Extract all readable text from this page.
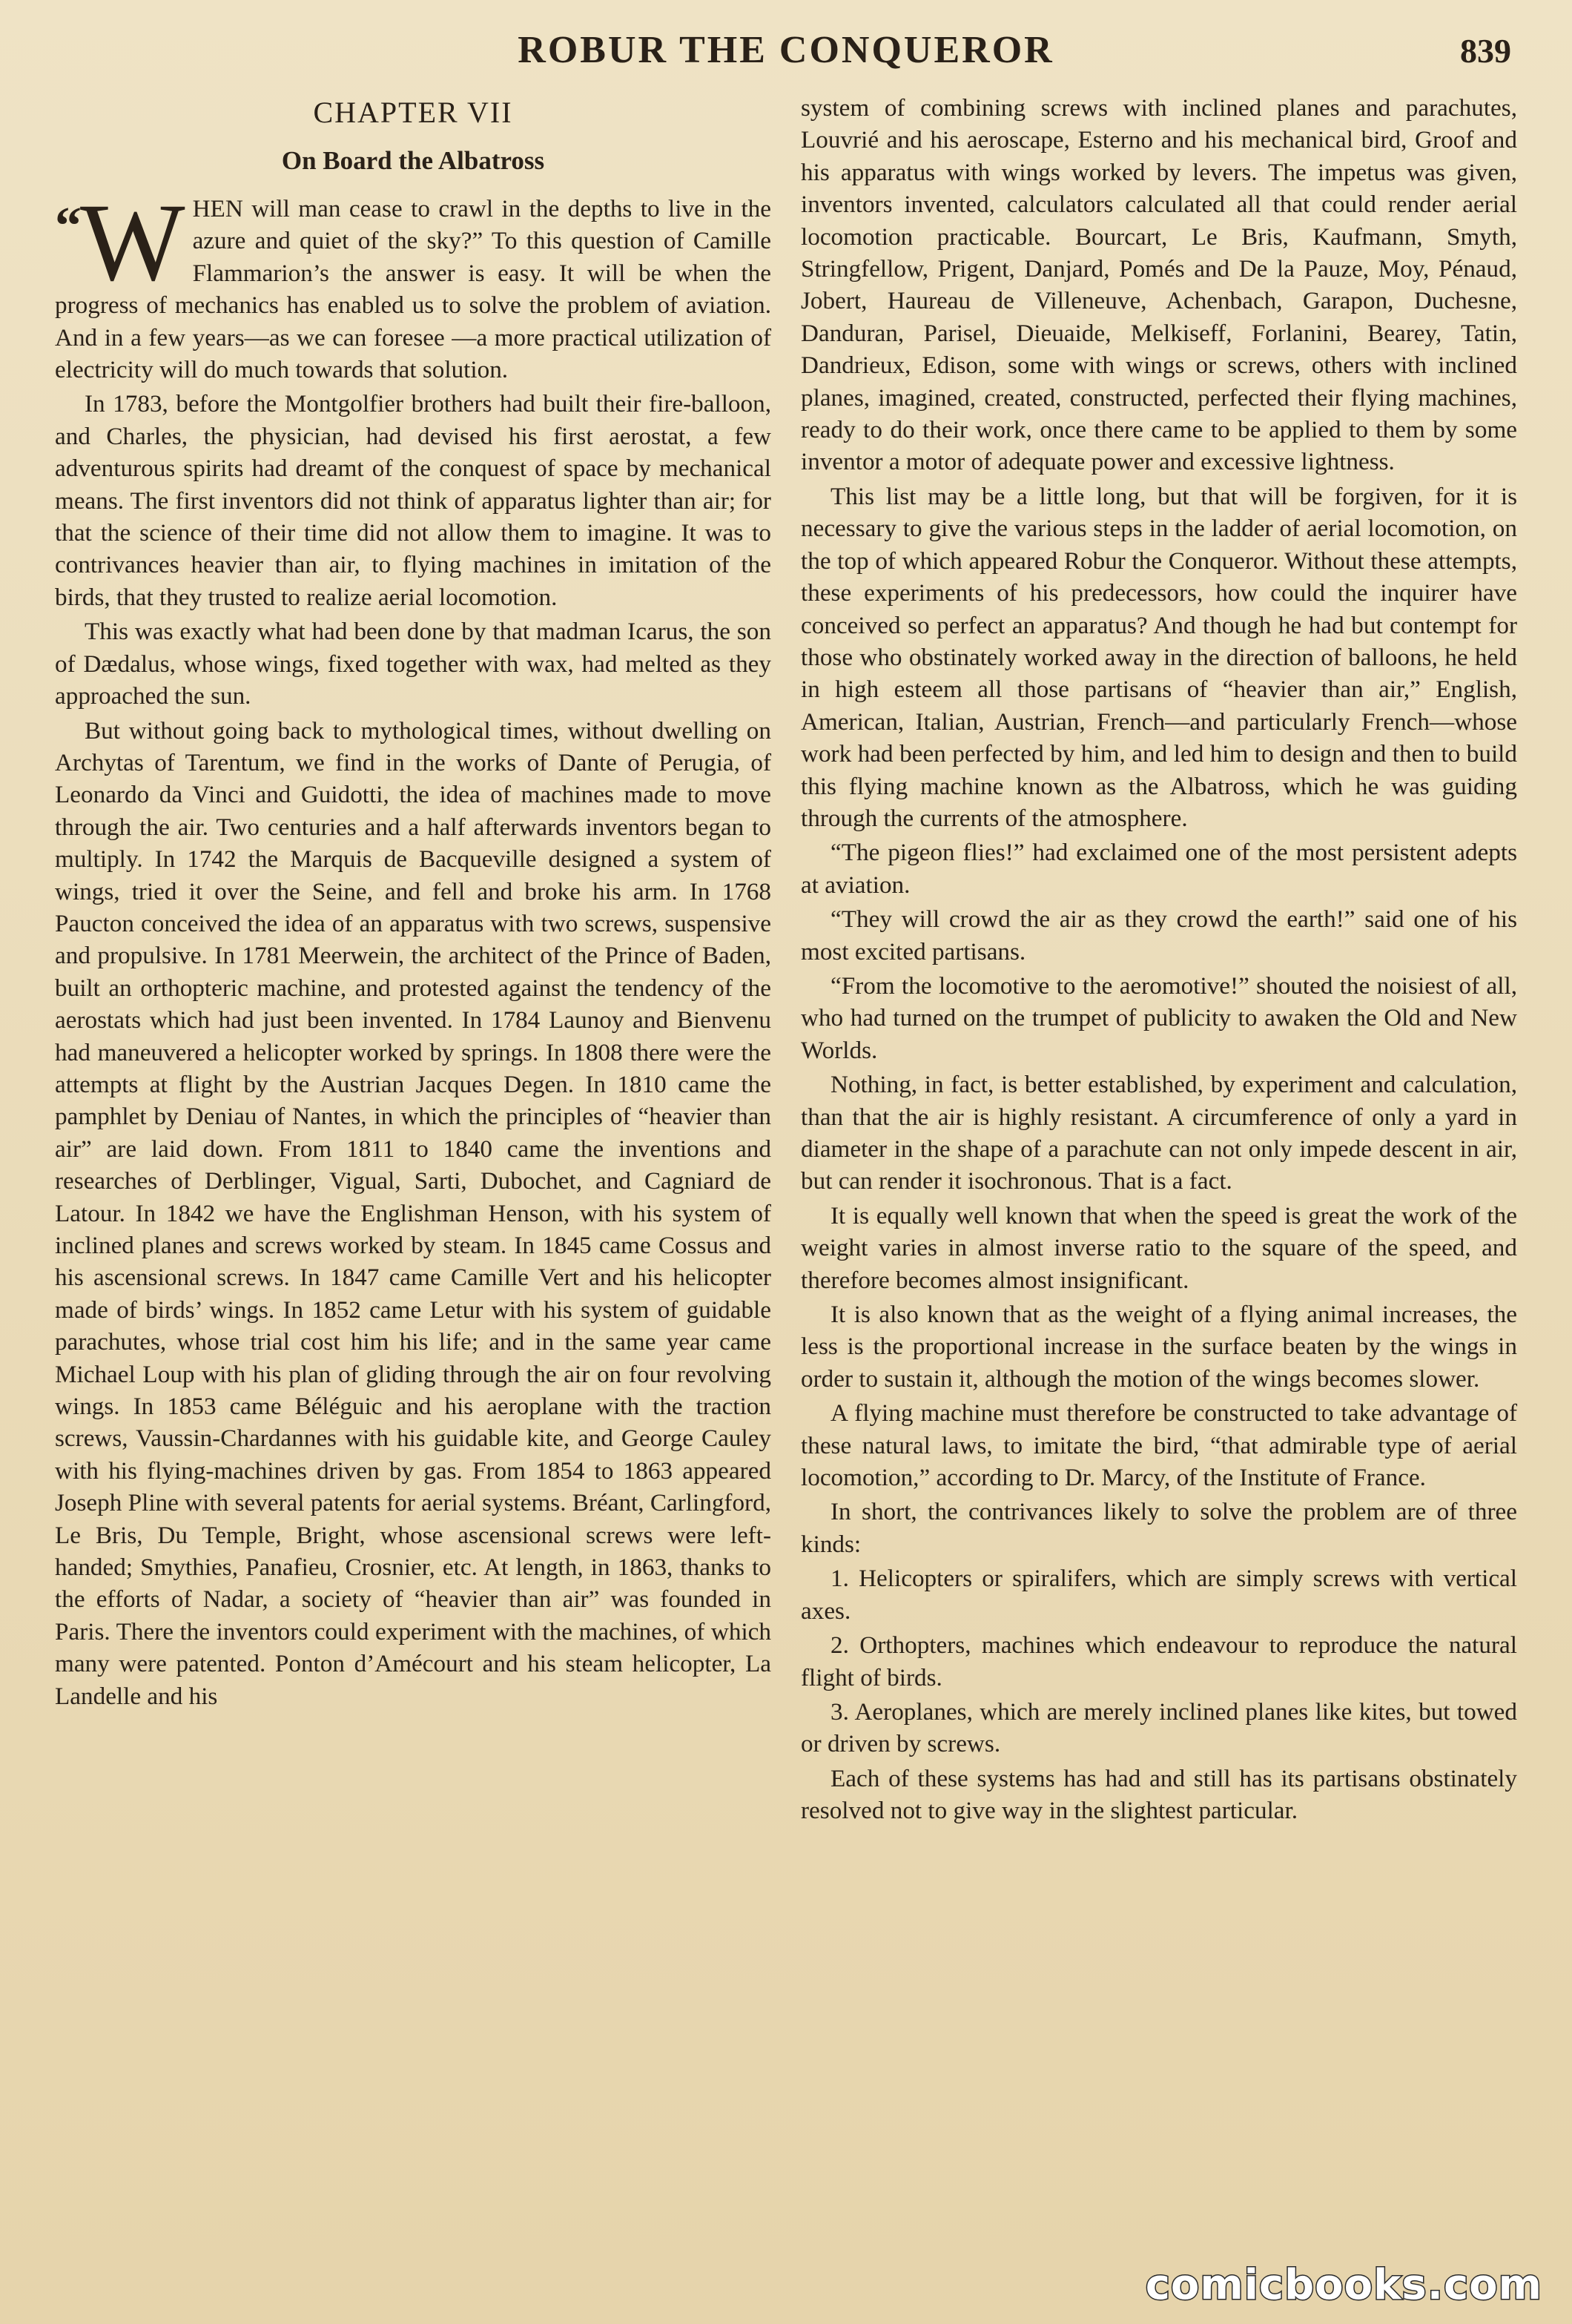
ROBUR THE CONQUEROR	839
CHAPTER VII
On Board the Albatross

“
W HEN will man cease to crawl in the depths to live in the azure and quiet of the sky?” To this question of Camille Flammarion’s the answer is easy. It will be when the progress of mechanics has enabled us to solve the problem of aviation. And in a few years—as we can foresee —a more practical utilization of electricity will do much towards that solution.

In 1783, before the Montgolfier brothers had built their fire-balloon, and Charles, the physician, had devised his first aerostat, a few adventurous spirits had dreamt of the conquest of space by mechanical means. The first inventors did not think of apparatus lighter than air; for that the science of their time did not allow them to imagine. It was to contrivances heavier than air, to flying machines in imitation of the birds, that they trusted to realize aerial locomotion.

This was exactly what had been done by that madman Icarus, the son of Dædalus, whose wings, fixed together with wax, had melted as they approached the sun.

But without going back to mythological times, without dwelling on Archytas of Tarentum, we find in the works of Dante of Perugia, of Leonardo da Vinci and Guidotti, the idea of machines made to move through the air. Two centuries and a half afterwards inventors began to multiply. In 1742 the Marquis de Bacqueville designed a system of wings, tried it over the Seine, and fell and broke his arm. In 1768 Paucton conceived the idea of an apparatus with two screws, suspensive and propulsive. In 1781 Meerwein, the architect of the Prince of Baden, built an orthopteric machine, and protested against the tendency of the aerostats which had just been invented. In 1784 Launoy and Bienvenu had maneuvered a helicopter worked by springs. In 1808 there were the attempts at flight by the Austrian Jacques Degen. In 1810 came the pamphlet by Deniau of Nantes, in which the principles of “heavier than air” are laid down. From 1811 to 1840 came the inventions and researches of Derblinger, Vigual, Sarti, Dubochet, and Cagniard de Latour. In 1842 we have the Englishman Henson, with his system of inclined planes and screws worked by steam. In 1845 came Cossus and his ascensional screws. In 1847 came Camille Vert and his helicopter made of birds’ wings. In 1852 came Letur with his system of guidable parachutes, whose trial cost him his life; and in the same year came Michael Loup with his plan of gliding through the air on four revolving wings. In 1853 came Béléguic and his aeroplane with the traction screws, Vaussin-Chardannes with his guidable kite, and George Cauley with his flying-machines driven by gas. From 1854 to 1863 appeared Joseph Pline with several patents for aerial systems. Bréant, Carlingford, Le Bris, Du Temple, Bright, whose ascensional screws were left-handed; Smythies, Panafieu, Crosnier, etc. At length, in 1863, thanks to the efforts of Nadar, a society of “heavier than air” was founded in Paris. There the inventors could experiment with the machines, of which many were patented. Ponton d’Amécourt and his steam helicopter, La Landelle and his

system of combining screws with inclined planes and parachutes, Louvrié and his aeroscape, Esterno and his mechanical bird, Groof and his apparatus with wings worked by levers. The impetus was given, inventors invented, calculators calculated all that could render aerial locomotion practicable. Bourcart, Le Bris, Kaufmann, Smyth, Stringfellow, Prigent, Danjard, Pomés and De la Pauze, Moy, Pénaud, Jobert, Haureau de Villeneuve, Achenbach, Garapon, Duchesne, Danduran, Parisel, Dieuaide, Melkiseff, Forlanini, Bearey, Tatin, Dandrieux, Edison, some with wings or screws, others with inclined planes, imagined, created, constructed, perfected their flying machines, ready to do their work, once there came to be applied to them by some inventor a motor of adequate power and excessive lightness.

This list may be a little long, but that will be forgiven, for it is necessary to give the various steps in the ladder of aerial locomotion, on the top of which appeared Robur the Conqueror. Without these attempts, these experiments of his predecessors, how could the inquirer have conceived so perfect an apparatus? And though he had but contempt for those who obstinately worked away in the direction of balloons, he held in high esteem all those partisans of “heavier than air,” English, American, Italian, Austrian, French—and particularly French—whose work had been perfected by him, and led him to design and then to build this flying machine known as the Albatross, which he was guiding through the currents of the atmosphere.

“The pigeon flies!” had exclaimed one of the most persistent adepts at aviation.

“They will crowd the air as they crowd the earth!” said one of his most excited partisans.

“From the locomotive to the aeromotive!” shouted the noisiest of all, who had turned on the trumpet of publicity to awaken the Old and New Worlds.

Nothing, in fact, is better established, by experiment and calculation, than that the air is highly resistant. A circumference of only a yard in diameter in the shape of a parachute can not only impede descent in air, but can render it isochronous. That is a fact.

It is equally well known that when the speed is great the work of the weight varies in almost inverse ratio to the square of the speed, and therefore becomes almost insignificant.

It is also known that as the weight of a flying animal increases, the less is the proportional increase in the surface beaten by the wings in order to sustain it, although the motion of the wings becomes slower.

A flying machine must therefore be constructed to take advantage of these natural laws, to imitate the bird, “that admirable type of aerial locomotion,” according to Dr. Marcy, of the Institute of France.

In short, the contrivances likely to solve the problem are of three kinds:

1. Helicopters or spiralifers, which are simply screws with vertical axes.
2. Orthopters, machines which endeavour to reproduce the natural flight of birds.
3. Aeroplanes, which are merely inclined planes like kites, but towed or driven by screws.

Each of these systems has had and still has its partisans obstinately resolved not to give way in the slightest particular.

comicbooks.com
